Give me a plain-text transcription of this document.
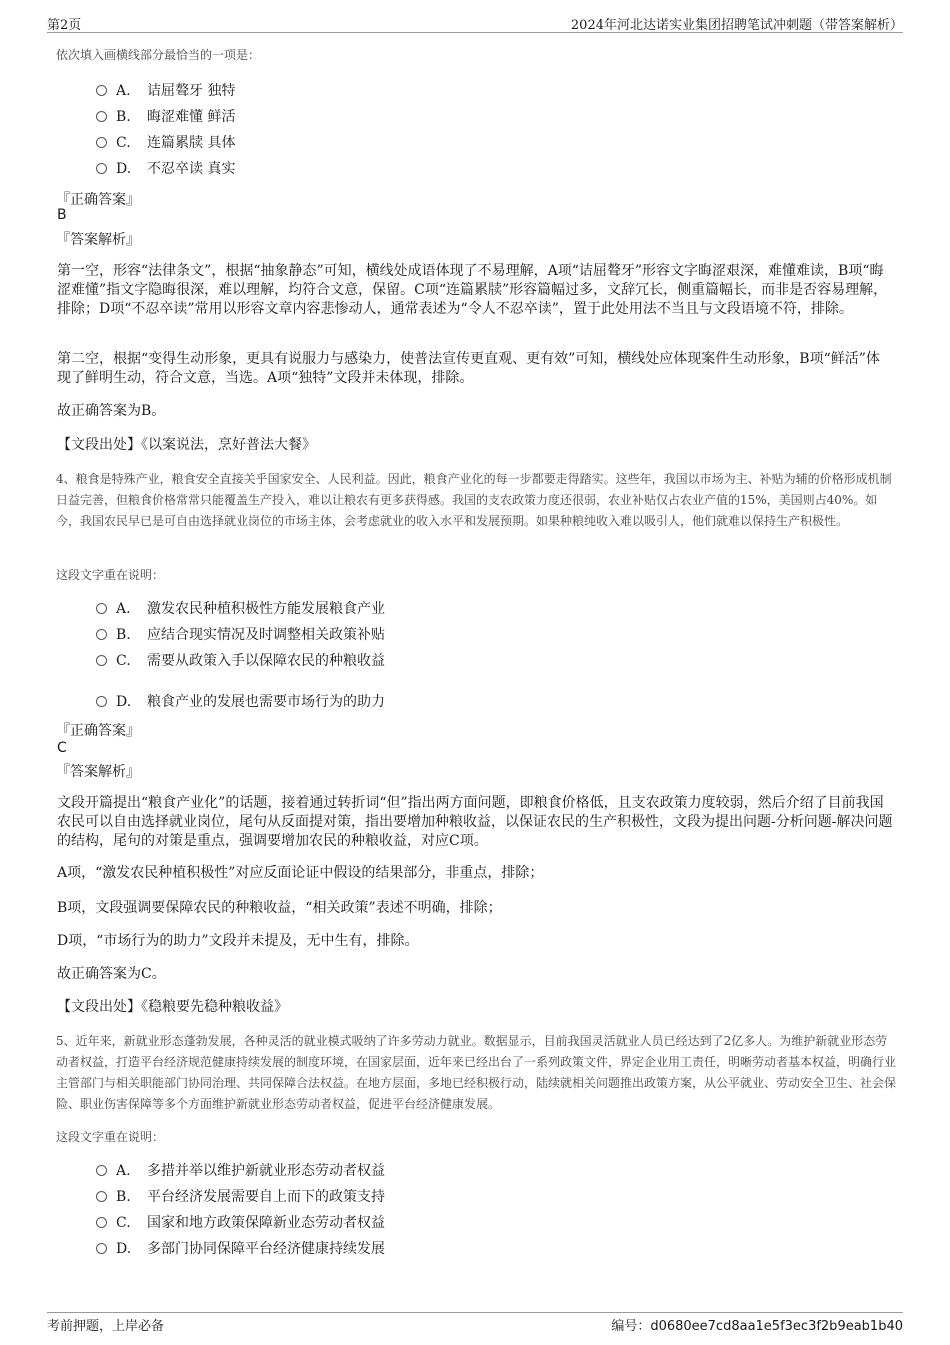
第2页	2024年河北达诺实业集团招聘笔试冲刺题（带答案解析）
依次填入画横线部分最恰当的一项是：
A. 诘屈聱牙 独特
B. 晦涩难懂 鲜活
C. 连篇累牍 具体
D. 不忍卒读 真实
『正确答案』
B
『答案解析』
第一空，形容“法律条文”，根据“抽象静态”可知，横线处成语体现了不易理解，A项“诘屈聱牙”形容文字晦涩艰深，难懂难读，B项“晦涩难懂”指文字隐晦很深，难以理解，均符合文意，保留。C项“连篇累牍”形容篇幅过多，文辞冗长，侧重篇幅长，而非是否容易理解，排除；D项“不忍卒读”常用以形容文章内容悲惨动人，通常表述为“令人不忍卒读”，置于此处用法不当且与文段语境不符，排除。
第二空，根据“变得生动形象，更具有说服力与感染力，使普法宣传更直观、更有效”可知，横线处应体现案件生动形象，B项“鲜活”体现了鲜明生动，符合文意，当选。A项“独特”文段并未体现，排除。
故正确答案为B。
【文段出处】《以案说法，烹好普法大餐》
4、粮食是特殊产业，粮食安全直接关乎国家安全、人民利益。因此，粮食产业化的每一步都要走得踏实。这些年，我国以市场为主、补贴为辅的价格形成机制日益完善，但粮食价格常常只能覆盖生产投入，难以让粮农有更多获得感。我国的支农政策力度还很弱，农业补贴仅占农业产值的15%，美国则占40%。如今，我国农民早已是可自由选择就业岗位的市场主体，会考虑就业的收入水平和发展预期。如果种粮纯收入难以吸引人，他们就难以保持生产积极性。
这段文字重在说明：
A. 激发农民种植积极性方能发展粮食产业
B. 应结合现实情况及时调整相关政策补贴
C. 需要从政策入手以保障农民的种粮收益
D. 粮食产业的发展也需要市场行为的助力
『正确答案』
C
『答案解析』
文段开篇提出“粮食产业化”的话题，接着通过转折词“但”指出两方面问题，即粮食价格低，且支农政策力度较弱，然后介绍了目前我国农民可以自由选择就业岗位，尾句从反面提对策，指出要增加种粮收益，以保证农民的生产积极性，文段为提出问题-分析问题-解决问题的结构，尾句的对策是重点，强调要增加农民的种粮收益，对应C项。
A项，“激发农民种植积极性”对应反面论证中假设的结果部分，非重点，排除；
B项，文段强调要保障农民的种粮收益，“相关政策”表述不明确，排除；
D项，“市场行为的助力”文段并未提及，无中生有，排除。
故正确答案为C。
【文段出处】《稳粮要先稳种粮收益》
5、近年来，新就业形态蓬勃发展，各种灵活的就业模式吸纳了许多劳动力就业。数据显示，目前我国灵活就业人员已经达到了2亿多人。为维护新就业形态劳动者权益，打造平台经济规范健康持续发展的制度环境，在国家层面，近年来已经出台了一系列政策文件，界定企业用工责任，明晰劳动者基本权益，明确行业主管部门与相关职能部门协同治理、共同保障合法权益。在地方层面，多地已经积极行动，陆续就相关问题推出政策方案，从公平就业、劳动安全卫生、社会保险、职业伤害保障等多个方面维护新就业形态劳动者权益，促进平台经济健康发展。
这段文字重在说明：
A. 多措并举以维护新就业形态劳动者权益
B. 平台经济发展需要自上而下的政策支持
C. 国家和地方政策保障新业态劳动者权益
D. 多部门协同保障平台经济健康持续发展
考前押题，上岸必备	编号：d0680ee7cd8aa1e5f3ec3f2b9eab1b40
